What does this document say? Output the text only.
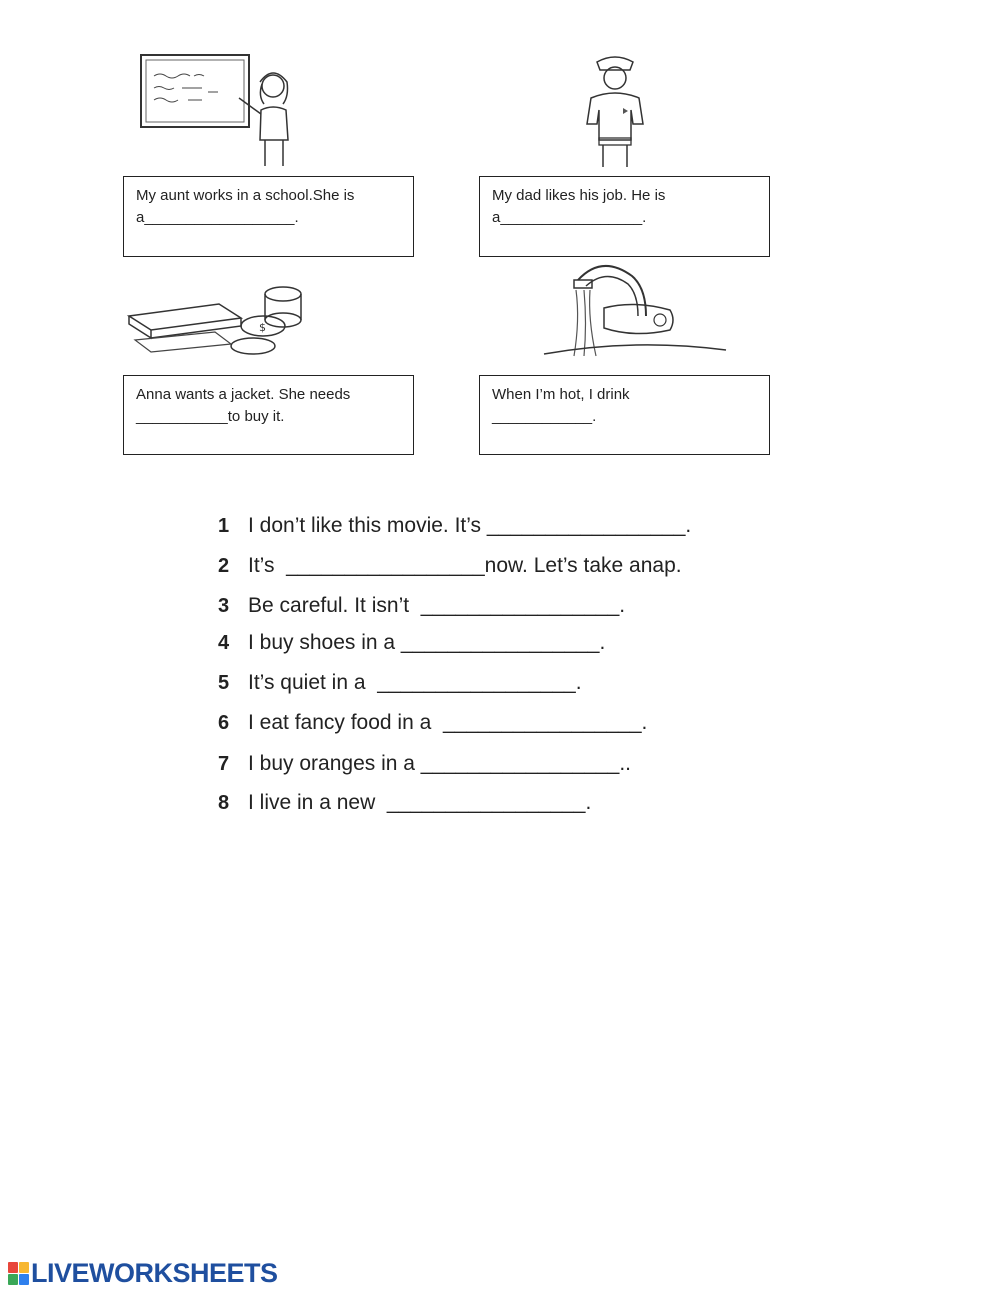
My aunt works in a school.She is
a__________________.
My dad likes his job. He is
a_________________.
$
Anna wants a jacket. She needs
___________to buy it.
When I’m hot, I drink
____________.
1 I don’t like this movie. It’s _________________.
2 It’s  _________________now. Let’s take anap.
3 Be careful. It isn’t  _________________.
4 I buy shoes in a _________________.
5 It’s quiet in a  _________________.
6 I eat fancy food in a  _________________.
7 I buy oranges in a _________________..
8 I live in a new  _________________.
LIVEWORKSHEETS
